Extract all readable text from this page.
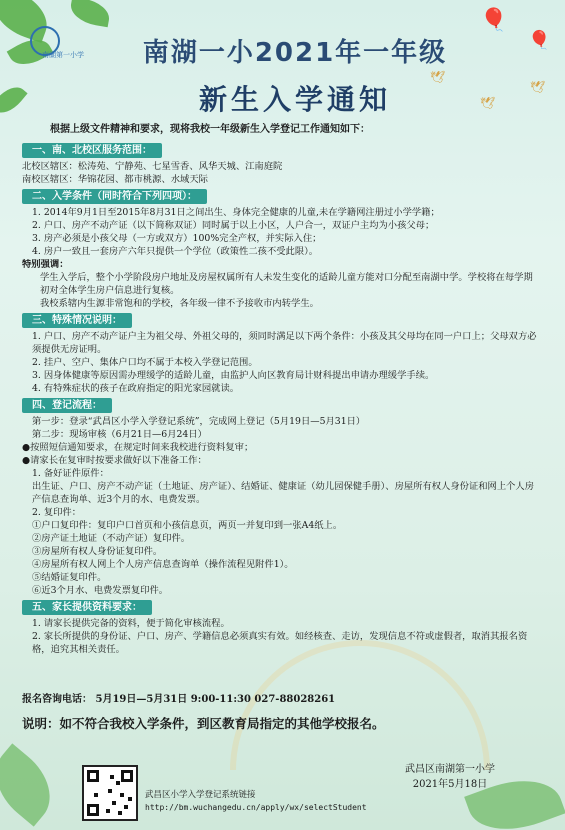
南湖第一小学
🎈
🎈
🕊
🕊
🕊
南湖一小2021年一年级
新生入学通知
根据上级文件精神和要求，现将我校一年级新生入学登记工作通知如下：
一、南、北校区服务范围：
北校区辖区：松涛苑、宁静苑、七星雪香、风华天城、江南庭院
南校区辖区：华锦花园、都市桃源、水域天际
二、入学条件（同时符合下列四项）：
1. 2014年9月1日至2015年8月31日之间出生、身体完全健康的儿童,未在学籍网注册过小学学籍；
2. 户口、房产不动产证（以下简称双证）同时属于以上小区，人户合一，双证户主均为小孩父母；
3. 房产必须是小孩父母（一方或双方）100%完全产权，并实际入住；
4. 房户一致且一套房产六年只提供一个学位（政策性二孩不受此限）。
特别强调：
学生入学后，整个小学阶段房户地址及房屋权属所有人未发生变化的适龄儿童方能对口分配至南湖中学。学校将在每学期初对全体学生房户信息进行复核。
我校系辖内生源非常饱和的学校，各年级一律不予接收市内转学生。
三、特殊情况说明：
1. 户口、房产不动产证户主为祖父母、外祖父母的，须同时满足以下两个条件：小孩及其父母均在同一户口上；父母双方必须提供无房证明。
2. 挂户、空户、集体户口均不属于本校入学登记范围。
3. 因身体健康等原因需办理缓学的适龄儿童，由监护人向区教育局计财科提出申请办理缓学手续。
4. 有特殊症状的孩子在政府指定的阳光家园就读。
四、登记流程：
第一步：登录“武昌区小学入学登记系统”，完成网上登记（5月19日—5月31日）
第二步：现场审核（6月21日—6月24日）
●按照短信通知要求，在规定时间来我校进行资料复审；
●请家长在复审时按要求做好以下准备工作：
1. 备好证件原件：
出生证、户口、房产不动产证（土地证、房产证）、结婚证、健康证（幼儿园保健手册）、房屋所有权人身份证和网上个人房产信息查询单、近3个月的水、电费发票。
2. 复印件：
①户口复印件：复印户口首页和小孩信息页，两页一并复印到一张A4纸上。
②房产证土地证（不动产证）复印件。
③房屋所有权人身份证复印件。
④房屋所有权人网上个人房产信息查询单（操作流程见附件1）。
⑤结婚证复印件。
⑥近3个月水、电费发票复印件。
五、家长提供资料要求：
1. 请家长提供完备的资料，便于简化审核流程。
2. 家长所提供的身份证、户口、房产、学籍信息必须真实有效。如经核查、走访，发现信息不符或虚假者，取消其报名资格，追究其相关责任。
报名咨询电话： 5月19日—5月31日 9:00-11:30 027-88028261
说明：如不符合我校入学条件，到区教育局指定的其他学校报名。
武昌区南湖第一小学
2021年5月18日
武昌区小学入学登记系统链接
http://bm.wuchangedu.cn/apply/wx/selectStudent
